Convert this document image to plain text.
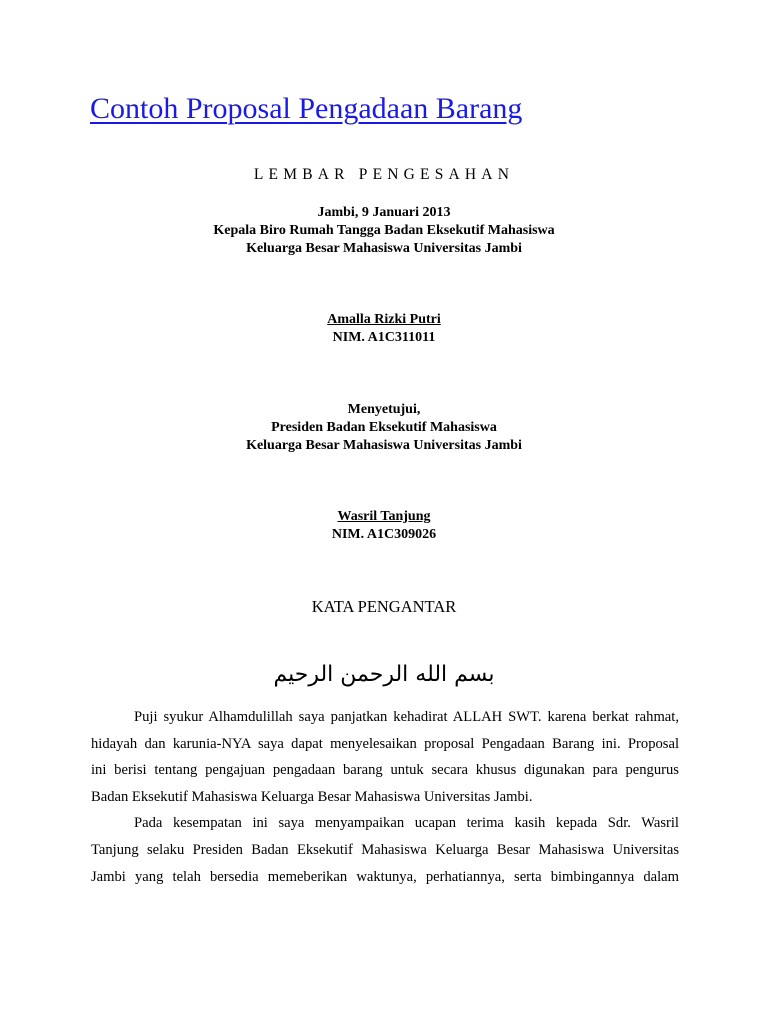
Contoh Proposal Pengadaan Barang
LEMBAR PENGESAHAN
Jambi, 9 Januari 2013
Kepala Biro Rumah Tangga Badan Eksekutif Mahasiswa
Keluarga Besar Mahasiswa Universitas Jambi
Amalla Rizki Putri
NIM. A1C311011
Menyetujui,
Presiden Badan Eksekutif Mahasiswa
Keluarga Besar Mahasiswa Universitas Jambi
Wasril Tanjung
NIM. A1C309026
KATA PENGANTAR
بسم الله الرحمن الرحيم

Puji syukur Alhamdulillah saya panjatkan kehadirat ALLAH SWT. karena berkat rahmat,
hidayah dan karunia-NYA saya dapat menyelesaikan proposal Pengadaan Barang ini. Proposal
ini berisi tentang pengajuan pengadaan barang untuk secara khusus digunakan para pengurus
Badan Eksekutif Mahasiswa Keluarga Besar Mahasiswa Universitas Jambi.

Pada kesempatan ini saya menyampaikan ucapan terima kasih kepada Sdr. Wasril
Tanjung selaku Presiden Badan Eksekutif Mahasiswa Keluarga Besar Mahasiswa Universitas
Jambi yang telah bersedia memeberikan waktunya, perhatiannya, serta bimbingannya dalam
